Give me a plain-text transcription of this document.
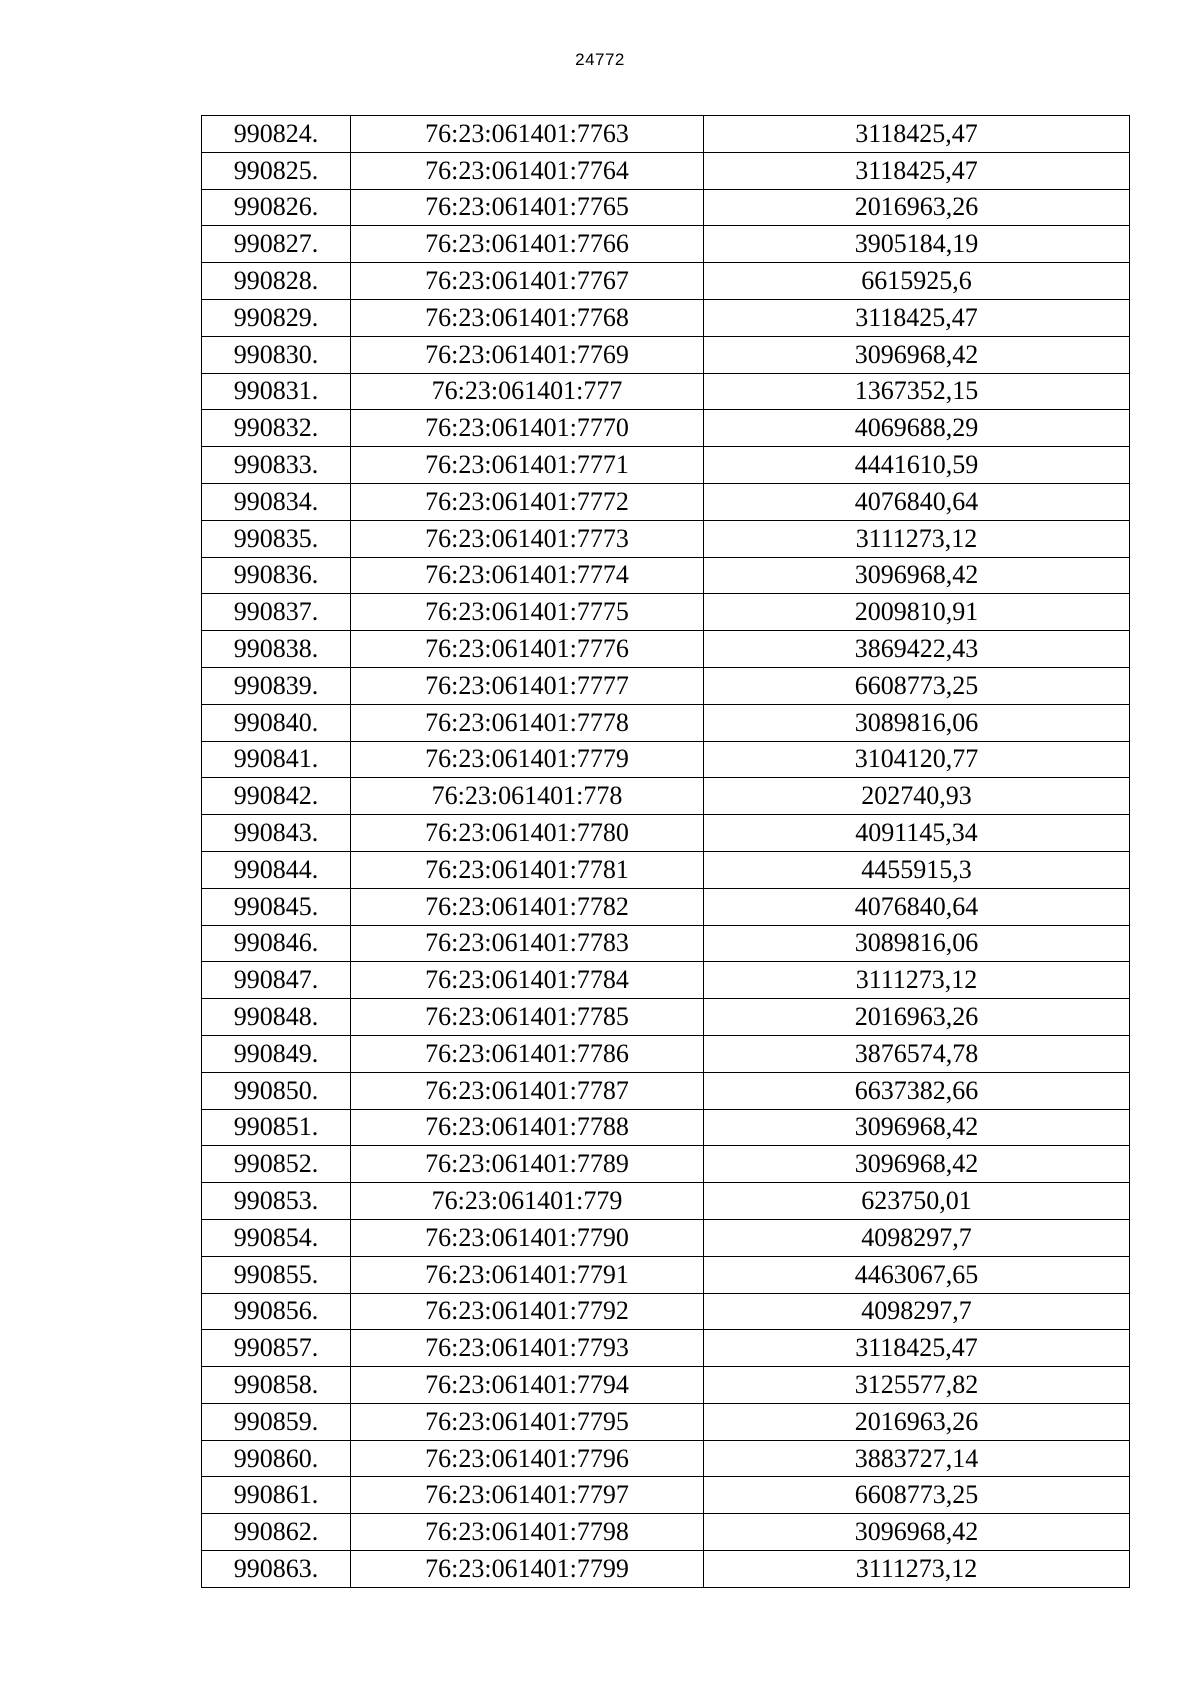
24772
990824.	76:23:061401:7763	3118425,47
990825.	76:23:061401:7764	3118425,47
990826.	76:23:061401:7765	2016963,26
990827.	76:23:061401:7766	3905184,19
990828.	76:23:061401:7767	6615925,6
990829.	76:23:061401:7768	3118425,47
990830.	76:23:061401:7769	3096968,42
990831.	76:23:061401:777	1367352,15
990832.	76:23:061401:7770	4069688,29
990833.	76:23:061401:7771	4441610,59
990834.	76:23:061401:7772	4076840,64
990835.	76:23:061401:7773	3111273,12
990836.	76:23:061401:7774	3096968,42
990837.	76:23:061401:7775	2009810,91
990838.	76:23:061401:7776	3869422,43
990839.	76:23:061401:7777	6608773,25
990840.	76:23:061401:7778	3089816,06
990841.	76:23:061401:7779	3104120,77
990842.	76:23:061401:778	202740,93
990843.	76:23:061401:7780	4091145,34
990844.	76:23:061401:7781	4455915,3
990845.	76:23:061401:7782	4076840,64
990846.	76:23:061401:7783	3089816,06
990847.	76:23:061401:7784	3111273,12
990848.	76:23:061401:7785	2016963,26
990849.	76:23:061401:7786	3876574,78
990850.	76:23:061401:7787	6637382,66
990851.	76:23:061401:7788	3096968,42
990852.	76:23:061401:7789	3096968,42
990853.	76:23:061401:779	623750,01
990854.	76:23:061401:7790	4098297,7
990855.	76:23:061401:7791	4463067,65
990856.	76:23:061401:7792	4098297,7
990857.	76:23:061401:7793	3118425,47
990858.	76:23:061401:7794	3125577,82
990859.	76:23:061401:7795	2016963,26
990860.	76:23:061401:7796	3883727,14
990861.	76:23:061401:7797	6608773,25
990862.	76:23:061401:7798	3096968,42
990863.	76:23:061401:7799	3111273,12
